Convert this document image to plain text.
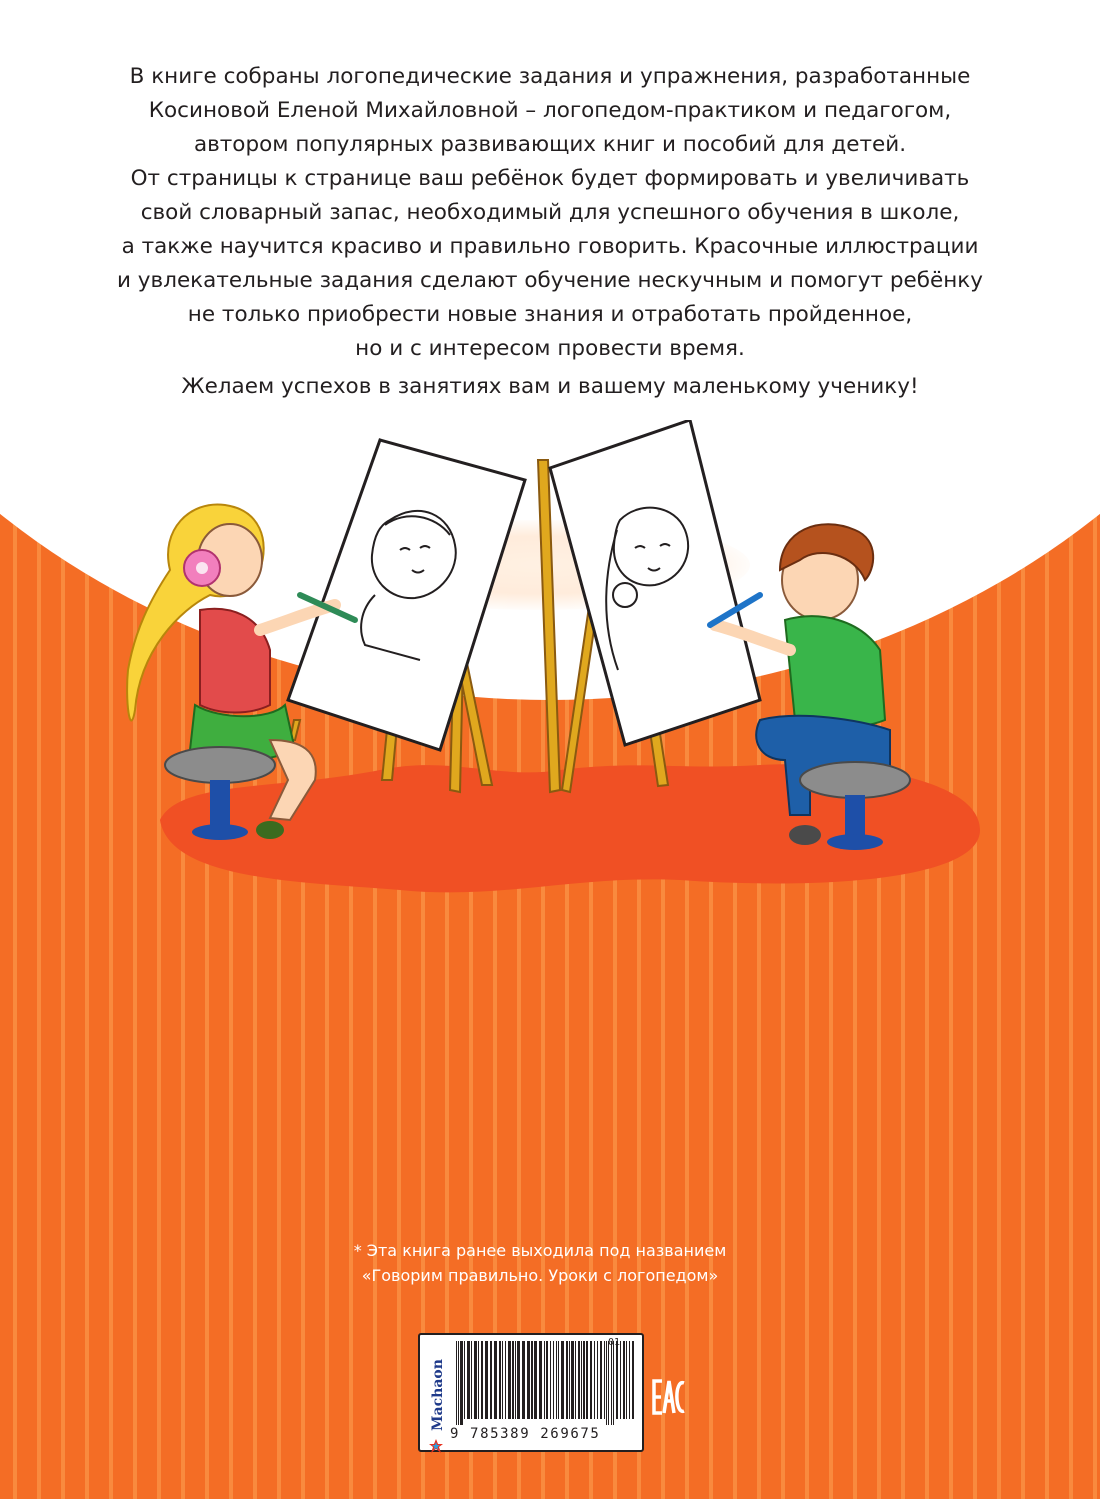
В книге собраны логопедические задания и упражнения, разработанные
Косиновой Еленой Михайловной – логопедом-практиком и педагогом,
автором популярных развивающих книг и пособий для детей.
От страницы к странице ваш ребёнок будет формировать и увеличивать
свой словарный запас, необходимый для успешного обучения в школе,
а также научится красиво и правильно говорить. Красочные иллюстрации
и увлекательные задания сделают обучение нескучным и помогут ребёнку
не только приобрести новые знания и отработать пройденное,
но и с интересом провести время.

Желаем успехов в занятиях вам и вашему маленькому ученику!

* Эта книга ранее выходила под названием
«Говорим правильно. Уроки с логопедом»
Machaon
01
9 785389 269675
